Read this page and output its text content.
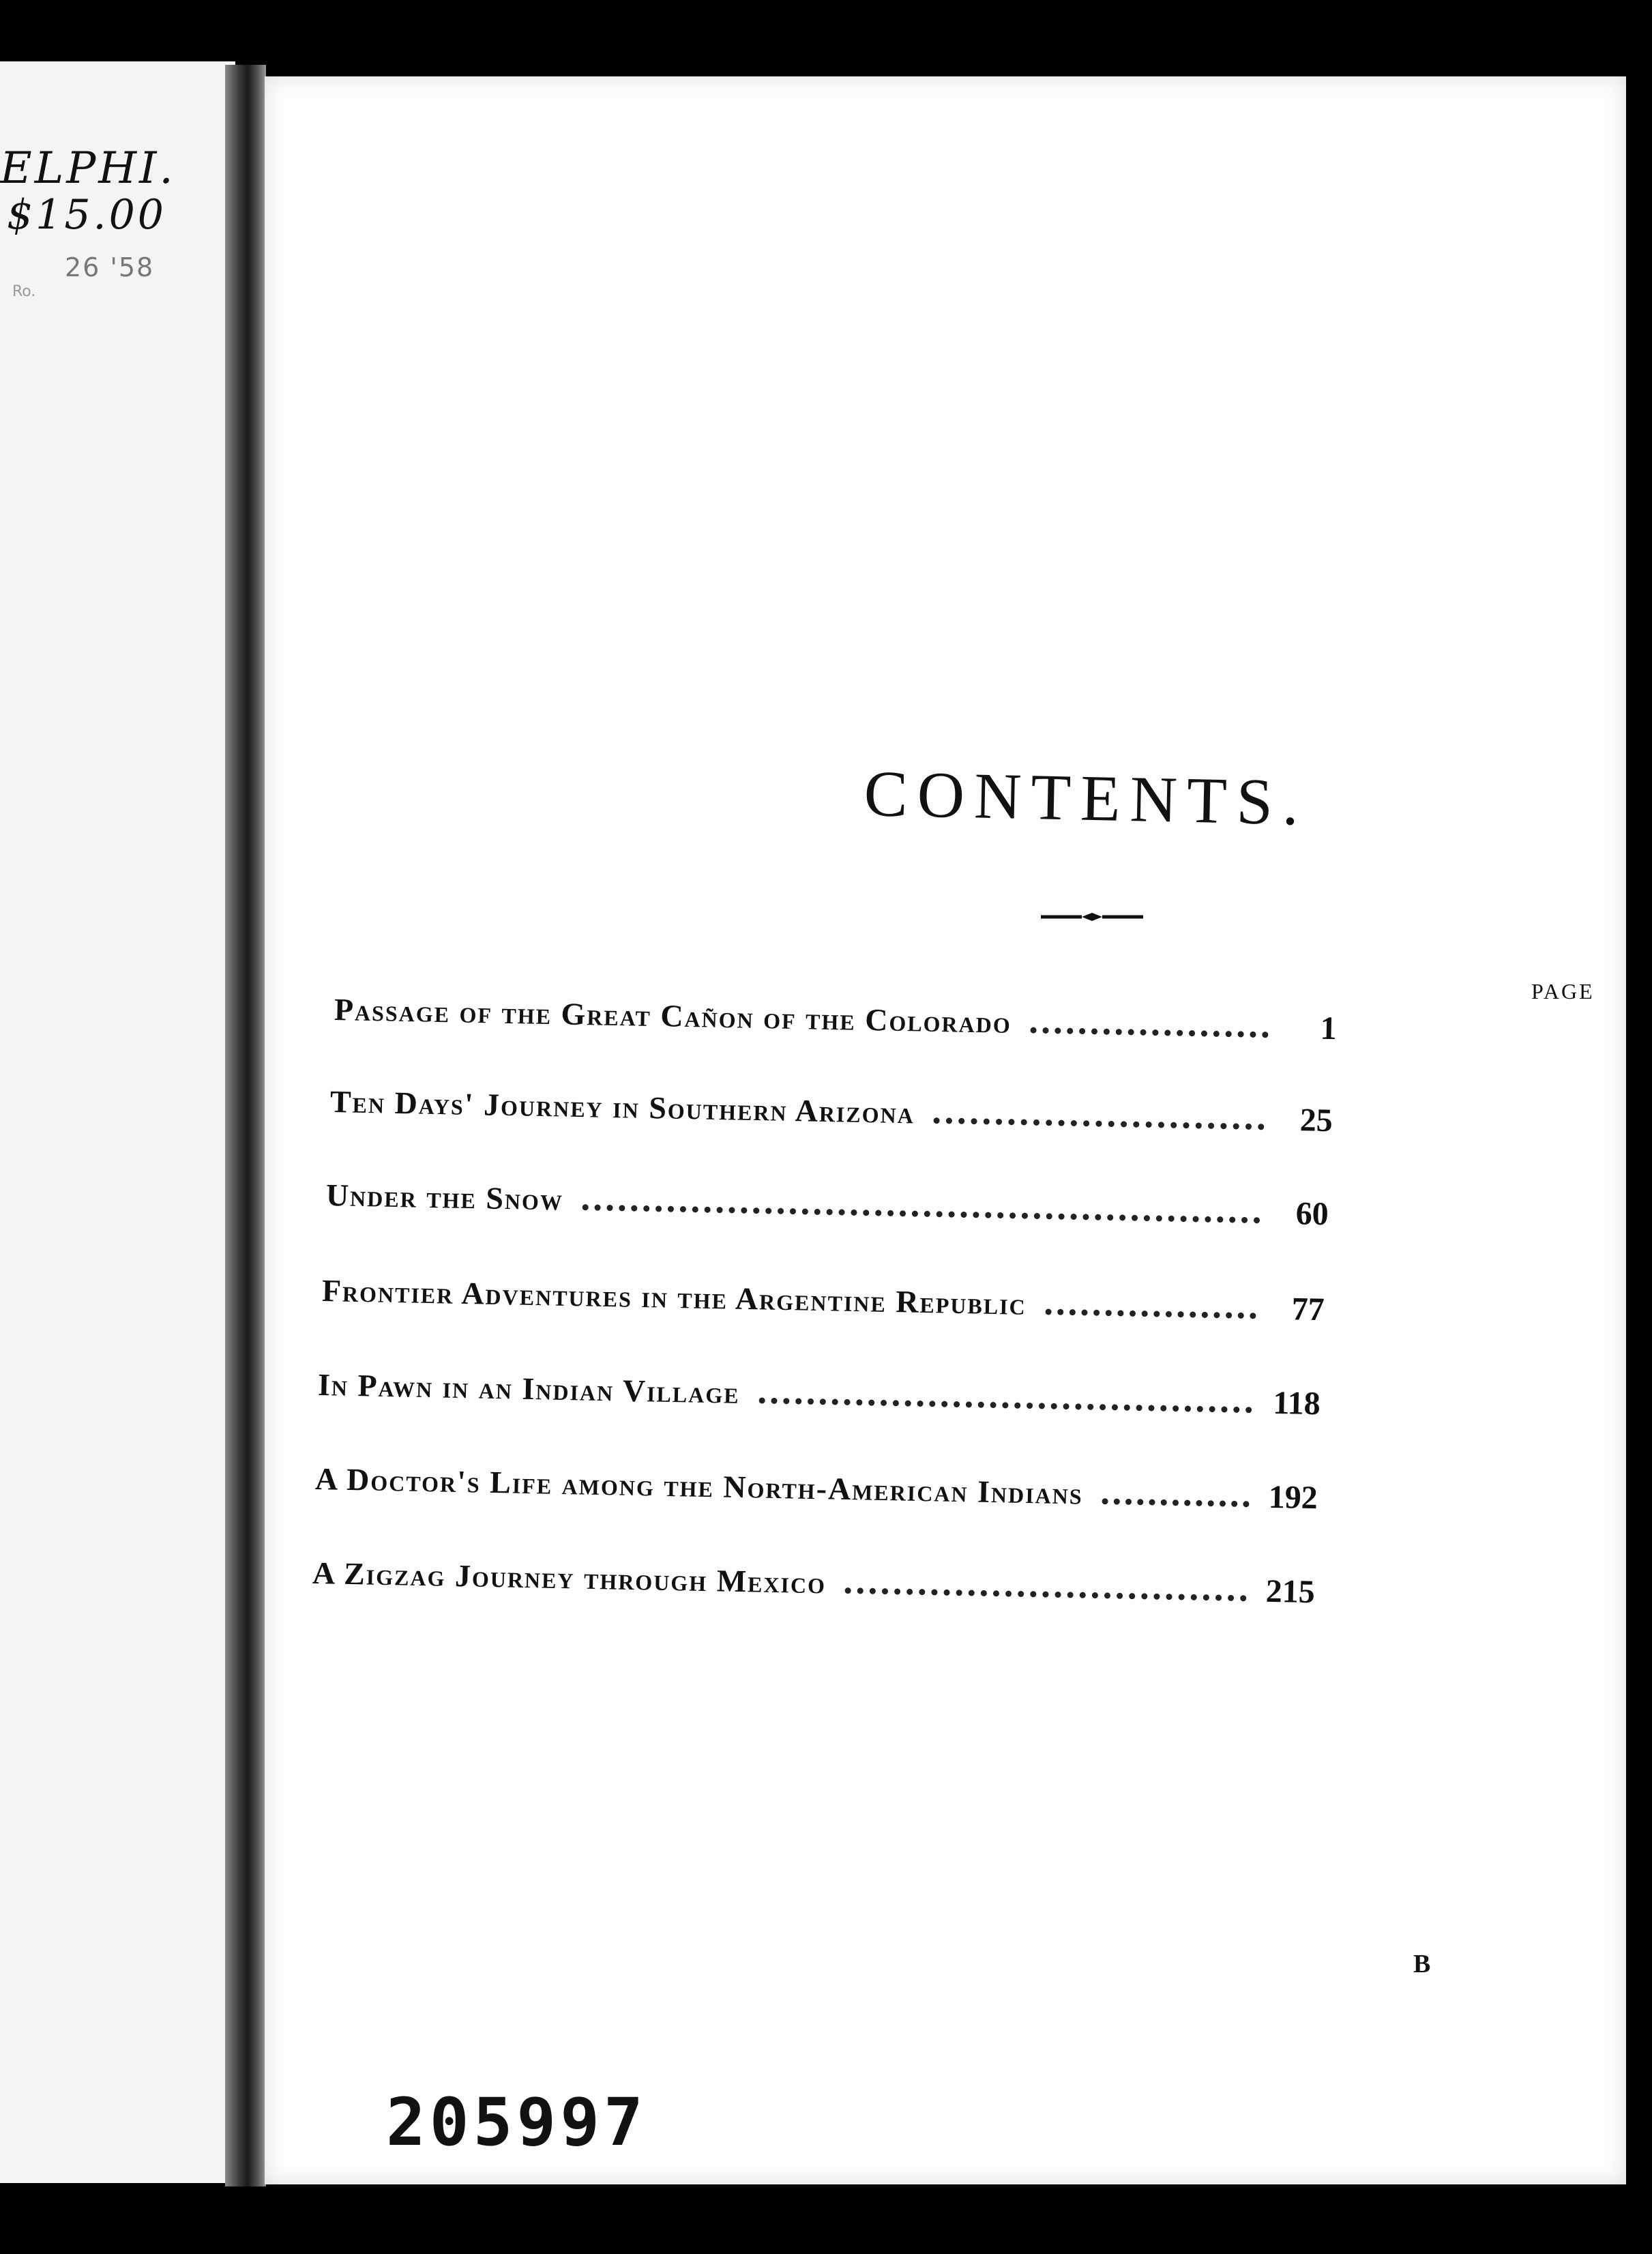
ELPHI.
$15.00
26 '58
Ro.
CONTENTS.
PAGE
Passage of the Great Cañon of the Colorado	1
Ten Days' Journey in Southern Arizona	25
Under the Snow	60
Frontier Adventures in the Argentine Republic	77
In Pawn in an Indian Village	118
A Doctor's Life among the North-American Indians	192
A Zigzag Journey through Mexico	215
B
205997
